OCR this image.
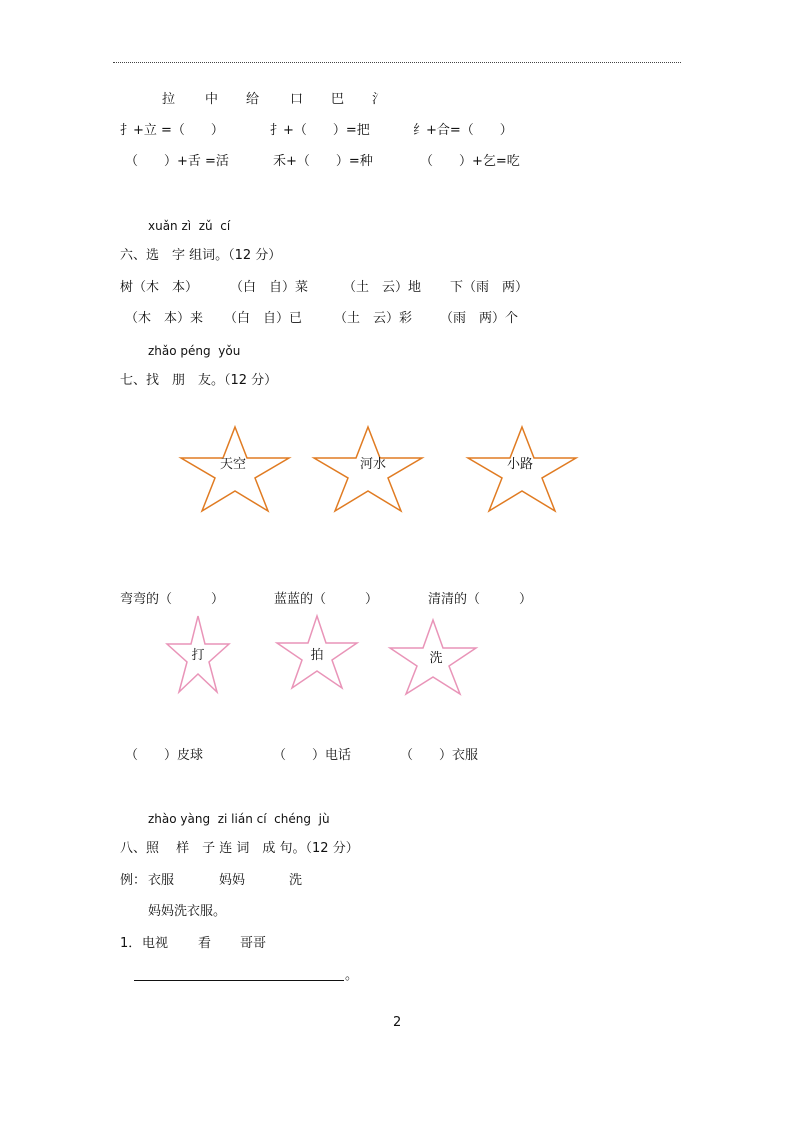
拉 中 给 口 巴 氵
扌+立 =（　　）	扌+（　　）=把	纟+合=（　　）
（　　）+舌 =活	禾+（　　）=种	（　　）+乞=吃
xuǎn zì  zǔ  cí
六、选　字 组词。（12 分）
树（木　本） （白　自）菜	（土　云）地 下（雨　两）
（木　本）来 （白　自）已 （土　云）彩 （雨　两）个
zhǎo péng  yǒu
七、找　朋　友。（12 分）
天空	河水	小路
弯弯的（　　　）	蓝蓝的（　　　）	清清的（　　　）
打	拍	洗
（　　）皮球	（　　）电话	（　　）衣服
zhào yàng  zi lián cí  chéng  jù
八、照　 样　子 连 词　成 句。（12 分）
例： 衣服	妈妈	洗
妈妈洗衣服。
1． 电视 看 哥哥
。
2
